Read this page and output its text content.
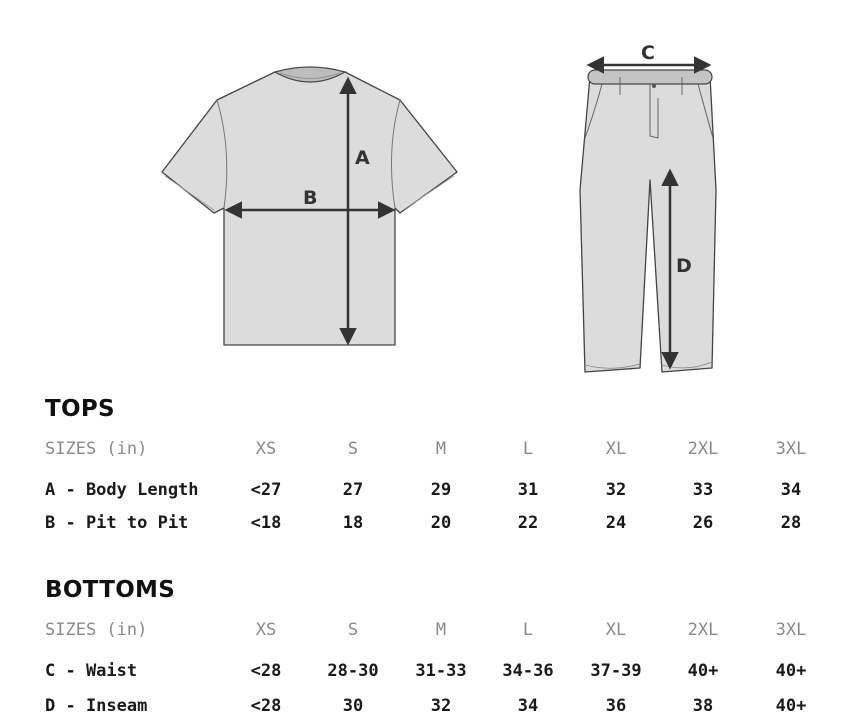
A
B
C
D
TOPS
SIZES (in)	XS	S	M	L	XL	2XL	3XL
A - Body Length	<27	27	29	31	32	33	34
B - Pit to Pit	<18	18	20	22	24	26	28
BOTTOMS
SIZES (in)	XS	S	M	L	XL	2XL	3XL
C - Waist	<28	28-30	31-33	34-36	37-39	40+	40+
D - Inseam	<28	30	32	34	36	38	40+
